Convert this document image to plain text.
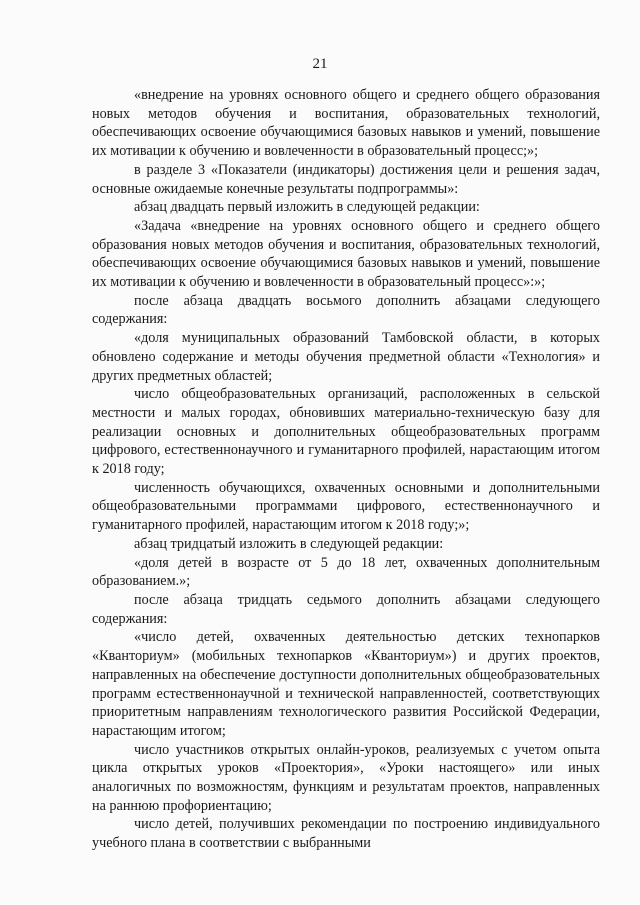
21

«внедрение на уровнях основного общего и среднего общего образования новых методов обучения и воспитания, образовательных технологий, обеспечивающих освоение обучающимися базовых навыков и умений, повышение их мотивации к обучению и вовлеченности в образовательный процесс;»;

в разделе 3 «Показатели (индикаторы) достижения цели и решения задач, основные ожидаемые конечные результаты подпрограммы»:

абзац двадцать первый изложить в следующей редакции:

«Задача «внедрение на уровнях основного общего и среднего общего образования новых методов обучения и воспитания, образовательных технологий, обеспечивающих освоение обучающимися базовых навыков и умений, повышение их мотивации к обучению и вовлеченности в образовательный процесс»:»;

после абзаца двадцать восьмого дополнить абзацами следующего содержания:

«доля муниципальных образований Тамбовской области, в которых обновлено содержание и методы обучения предметной области «Технология» и других предметных областей;

число общеобразовательных организаций, расположенных в сельской местности и малых городах, обновивших материально-техническую базу для реализации основных и дополнительных общеобразовательных программ цифрового, естественнонаучного и гуманитарного профилей, нарастающим итогом к 2018 году;

численность обучающихся, охваченных основными и дополнительными общеобразовательными программами цифрового, естественнонаучного и гуманитарного профилей, нарастающим итогом к 2018 году;»;

абзац тридцатый изложить в следующей редакции:

«доля детей в возрасте от 5 до 18 лет, охваченных дополнительным образованием.»;

после абзаца тридцать седьмого дополнить абзацами следующего содержания:

«число детей, охваченных деятельностью детских технопарков «Кванториум» (мобильных технопарков «Кванториум») и других проектов, направленных на обеспечение доступности дополнительных общеобразовательных программ естественнонаучной и технической направленностей, соответствующих приоритетным направлениям технологического развития Российской Федерации, нарастающим итогом;

число участников открытых онлайн-уроков, реализуемых с учетом опыта цикла открытых уроков «Проектория», «Уроки настоящего» или иных аналогичных по возможностям, функциям и результатам проектов, направленных на раннюю профориентацию;

число детей, получивших рекомендации по построению индивидуального учебного плана в соответствии с выбранными
